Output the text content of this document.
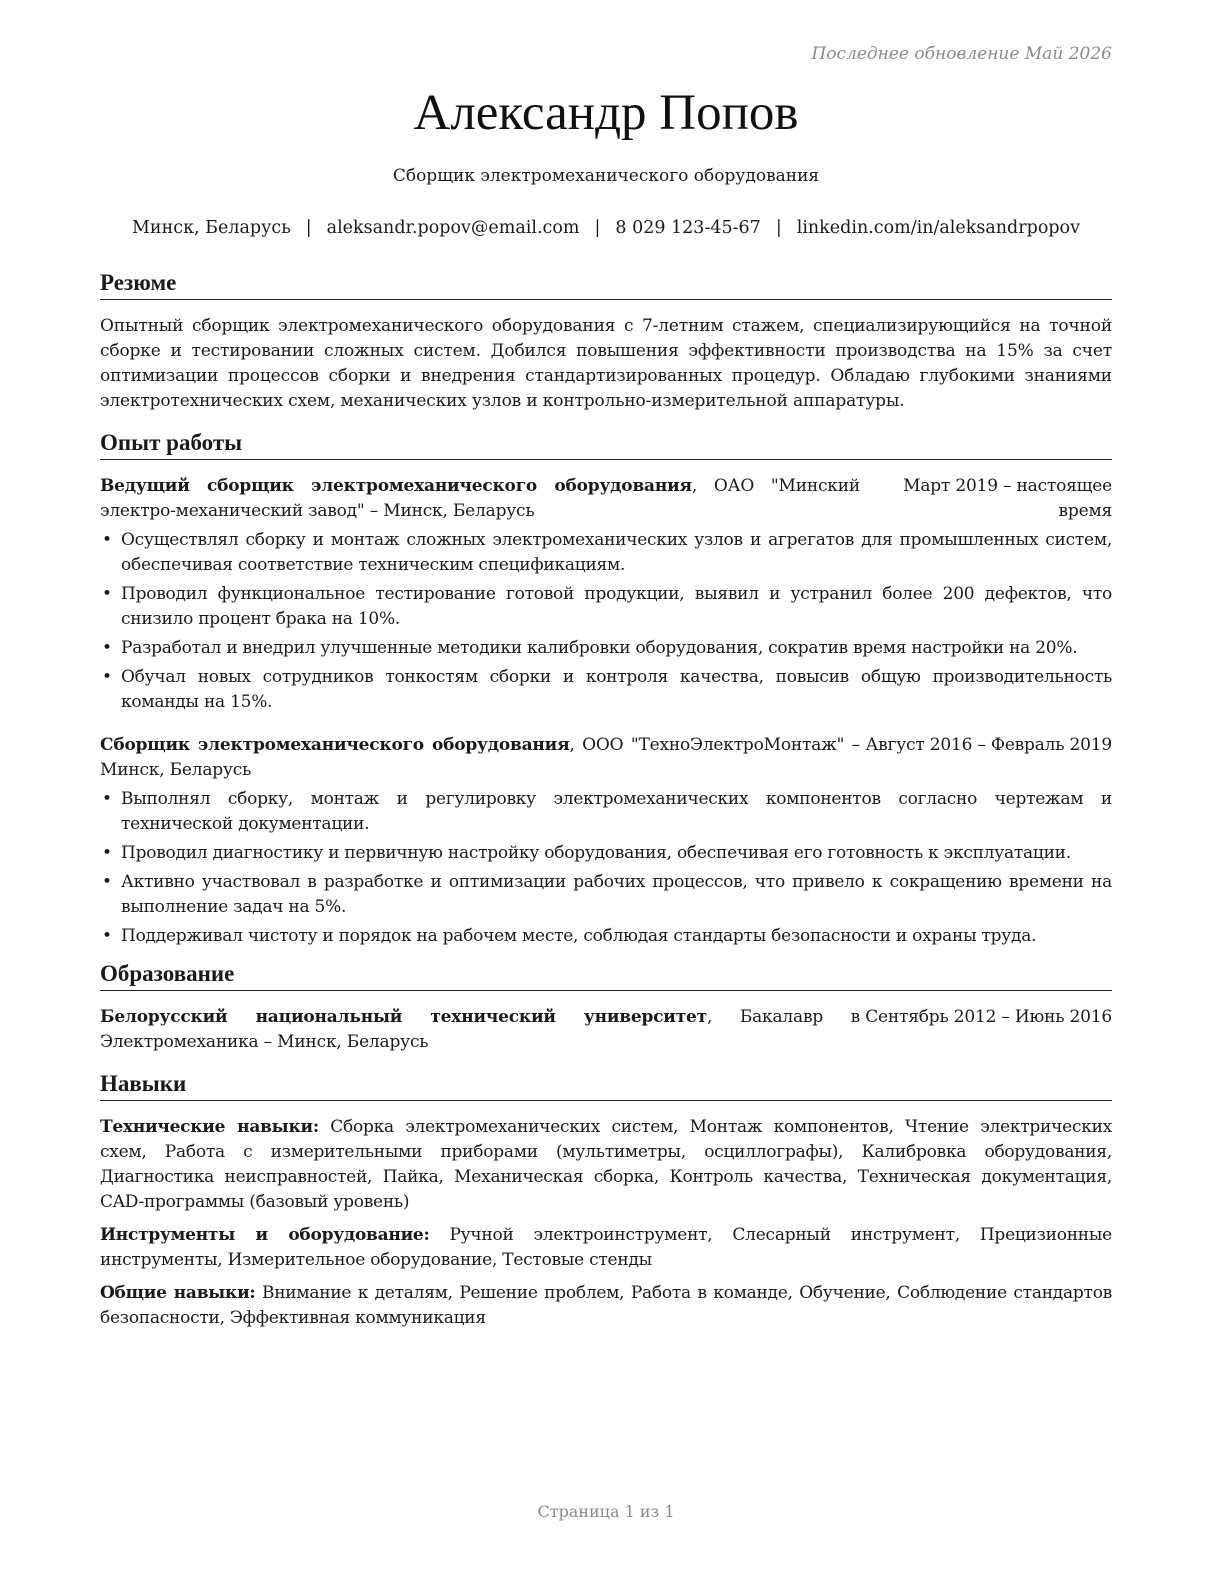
Последнее обновление Май 2026
Александр Попов
Сборщик электромеханического оборудования
Минск, Беларусь | aleksandr.popov@email.com | 8 029 123-45-67 | linkedin.com/in/aleksandrpopov
Резюме

Опытный сборщик электромеханического оборудования с 7-летним стажем, специализирующийся на точной сборке и тестировании сложных систем. Добился повышения эффективности производства на 15% за счет оптимизации процессов сборки и внедрения стандартизированных процедур. Обладаю глубокими знаниями электротехнических схем, механических узлов и контрольно-измерительной аппаратуры.

Опыт работы
Ведущий сборщик электромеханического оборудования, ОАО "Минский электро-механический завод" – Минск, Беларусь
Март 2019 – настоящее время
• Осуществлял сборку и монтаж сложных электромеханических узлов и агрегатов для промышленных систем, обеспечивая соответствие техническим спецификациям.
• Проводил функциональное тестирование готовой продукции, выявил и устранил более 200 дефектов, что снизило процент брака на 10%.
• Разработал и внедрил улучшенные методики калибровки оборудования, сократив время настройки на 20%.
• Обучал новых сотрудников тонкостям сборки и контроля качества, повысив общую производительность команды на 15%.
Сборщик электромеханического оборудования, ООО "ТехноЭлектроМонтаж" – Минск, Беларусь
Август 2016 – Февраль 2019
• Выполнял сборку, монтаж и регулировку электромеханических компонентов согласно чертежам и технической документации.
• Проводил диагностику и первичную настройку оборудования, обеспечивая его готовность к эксплуатации.
• Активно участвовал в разработке и оптимизации рабочих процессов, что привело к сокращению времени на выполнение задач на 5%.
• Поддерживал чистоту и порядок на рабочем месте, соблюдая стандарты безопасности и охраны труда.
Образование
Белорусский национальный технический университет, Бакалавр в Электромеханика – Минск, Беларусь
Сентябрь 2012 – Июнь 2016
Навыки

Технические навыки: Сборка электромеханических систем, Монтаж компонентов, Чтение электрических схем, Работа с измерительными приборами (мультиметры, осциллографы), Калибровка оборудования, Диагностика неисправностей, Пайка, Механическая сборка, Контроль качества, Техническая документация, CAD-программы (базовый уровень)

Инструменты и оборудование: Ручной электроинструмент, Слесарный инструмент, Прецизионные инструменты, Измерительное оборудование, Тестовые стенды

Общие навыки: Внимание к деталям, Решение проблем, Работа в команде, Обучение, Соблюдение стандартов безопасности, Эффективная коммуникация

Страница 1 из 1
